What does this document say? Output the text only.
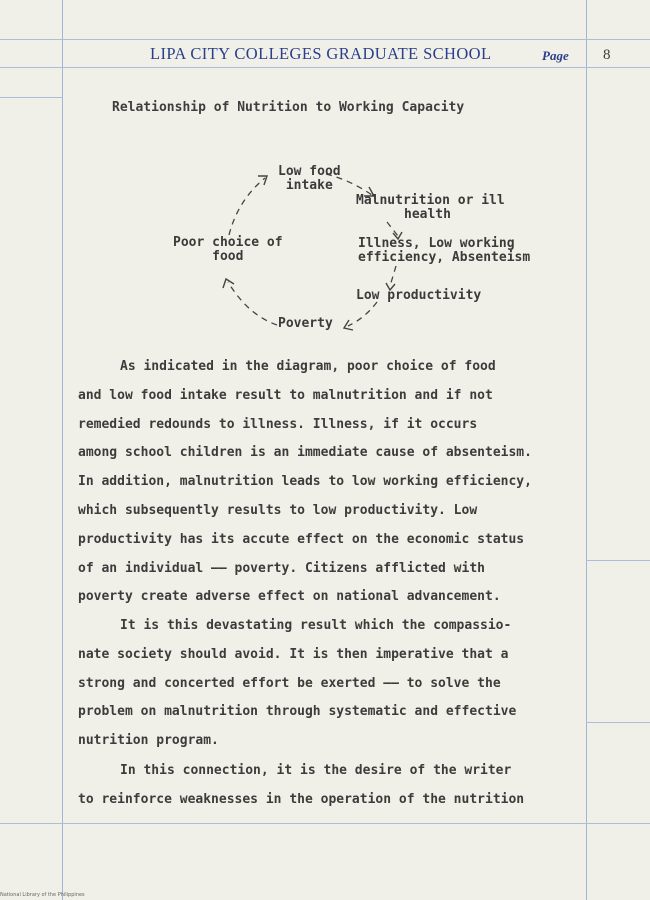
LIPA CITY COLLEGES GRADUATE SCHOOL	Page 8
Relationship of Nutrition to Working Capacity
Low food
intake
Malnutrition or ill
health
Illness, Low working
efficiency, Absenteism
Low productivity
Poverty
Poor choice of
food
As indicated in the diagram, poor choice of food
and low food intake result to malnutrition and if not
remedied redounds to illness. Illness, if it occurs
among school children is an immediate cause of absenteism.
In addition, malnutrition leads to low working efficiency,
which subsequently results to low productivity. Low
productivity has its accute effect on the economic status
of an individual —— poverty. Citizens afflicted with
poverty create adverse effect on national advancement.
It is this devastating result which the compassio-
nate society should avoid. It is then imperative that a
strong and concerted effort be exerted —— to solve the
problem on malnutrition through systematic and effective
nutrition program.
In this connection, it is the desire of the writer
to reinforce weaknesses in the operation of the nutrition
National Library of the Philippines
